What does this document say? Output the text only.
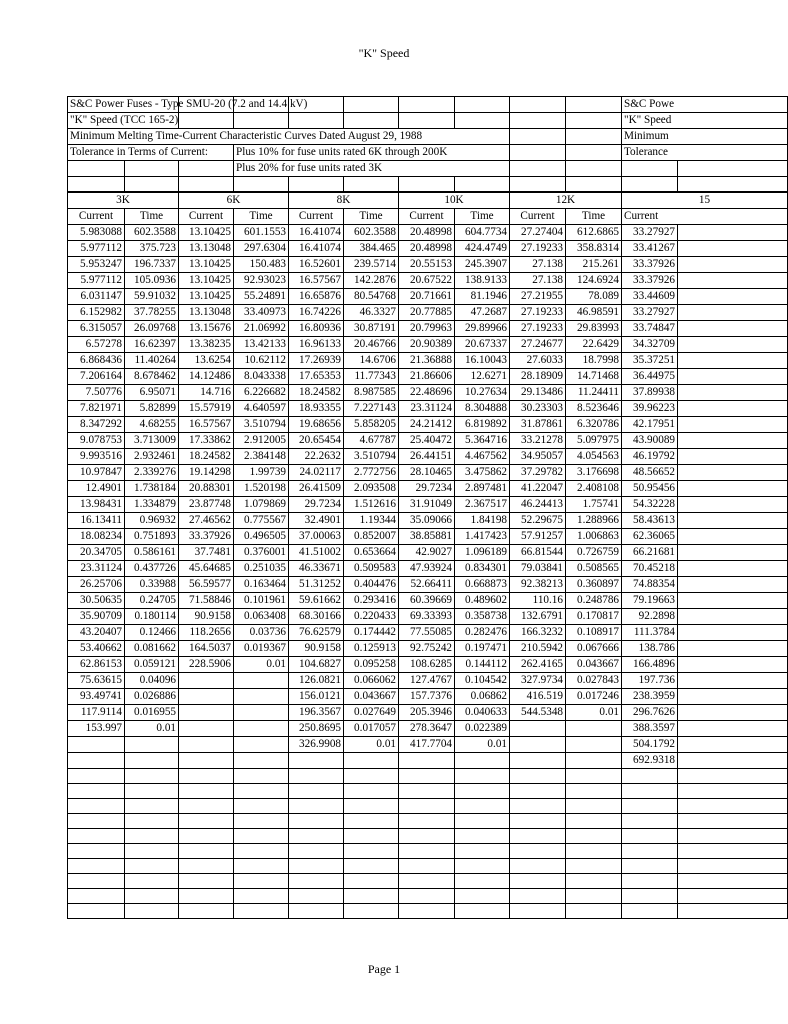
"K" Speed
S&C Power Fuses - Type SMU-20 (7.2 and 14.4 kV)										S&C Powe	
"K" Speed (TCC 165-2)										"K" Speed	
Minimum Melting Time-Current Characteristic Curves Dated August 29, 1988										Minimum	
Tolerance in Terms of Current:			Plus 10% for fuse units rated 6K through 200K							Tolerance	
			Plus 20% for fuse units rated 3K								

3K		6K		8K		10K		12K		15	
Current	Time	Current	Time	Current	Time	Current	Time	Current	Time	Current	
5.983088	602.3588	13.10425	601.1553	16.41074	602.3588	20.48998	604.7734	27.27404	612.6865	33.27927	
5.977112	375.723	13.13048	297.6304	16.41074	384.465	20.48998	424.4749	27.19233	358.8314	33.41267	
5.953247	196.7337	13.10425	150.483	16.52601	239.5714	20.55153	245.3907	27.138	215.261	33.37926	
5.977112	105.0936	13.10425	92.93023	16.57567	142.2876	20.67522	138.9133	27.138	124.6924	33.37926	
6.031147	59.91032	13.10425	55.24891	16.65876	80.54768	20.71661	81.1946	27.21955	78.089	33.44609	
6.152982	37.78255	13.13048	33.40973	16.74226	46.3327	20.77885	47.2687	27.19233	46.98591	33.27927	
6.315057	26.09768	13.15676	21.06992	16.80936	30.87191	20.79963	29.89966	27.19233	29.83993	33.74847	
6.57278	16.62397	13.38235	13.42133	16.96133	20.46766	20.90389	20.67337	27.24677	22.6429	34.32709	
6.868436	11.40264	13.6254	10.62112	17.26939	14.6706	21.36888	16.10043	27.6033	18.7998	35.37251	
7.206164	8.678462	14.12486	8.043338	17.65353	11.77343	21.86606	12.6271	28.18909	14.71468	36.44975	
7.50776	6.95071	14.716	6.226682	18.24582	8.987585	22.48696	10.27634	29.13486	11.24411	37.89938	
7.821971	5.82899	15.57919	4.640597	18.93355	7.227143	23.31124	8.304888	30.23303	8.523646	39.96223	
8.347292	4.68255	16.57567	3.510794	19.68656	5.858205	24.21412	6.819892	31.87861	6.320786	42.17951	
9.078753	3.713009	17.33862	2.912005	20.65454	4.67787	25.40472	5.364716	33.21278	5.097975	43.90089	
9.993516	2.932461	18.24582	2.384148	22.2632	3.510794	26.44151	4.467562	34.95057	4.054563	46.19792	
10.97847	2.339276	19.14298	1.99739	24.02117	2.772756	28.10465	3.475862	37.29782	3.176698	48.56652	
12.4901	1.738184	20.88301	1.520198	26.41509	2.093508	29.7234	2.897481	41.22047	2.408108	50.95456	
13.98431	1.334879	23.87748	1.079869	29.7234	1.512616	31.91049	2.367517	46.24413	1.75741	54.32228	
16.13411	0.96932	27.46562	0.775567	32.4901	1.19344	35.09066	1.84198	52.29675	1.288966	58.43613	
18.08234	0.751893	33.37926	0.496505	37.00063	0.852007	38.85881	1.417423	57.91257	1.006863	62.36065	
20.34705	0.586161	37.7481	0.376001	41.51002	0.653664	42.9027	1.096189	66.81544	0.726759	66.21681	
23.31124	0.437726	45.64685	0.251035	46.33671	0.509583	47.93924	0.834301	79.03841	0.508565	70.45218	
26.25706	0.33988	56.59577	0.163464	51.31252	0.404476	52.66411	0.668873	92.38213	0.360897	74.88354	
30.50635	0.24705	71.58846	0.101961	59.61662	0.293416	60.39669	0.489602	110.16	0.248786	79.19663	
35.90709	0.180114	90.9158	0.063408	68.30166	0.220433	69.33393	0.358738	132.6791	0.170817	92.2898	
43.20407	0.12466	118.2656	0.03736	76.62579	0.174442	77.55085	0.282476	166.3232	0.108917	111.3784	
53.40662	0.081662	164.5037	0.019367	90.9158	0.125913	92.75242	0.197471	210.5942	0.067666	138.786	
62.86153	0.059121	228.5906	0.01	104.6827	0.095258	108.6285	0.144112	262.4165	0.043667	166.4896	
75.63615	0.04096			126.0821	0.066062	127.4767	0.104542	327.9734	0.027843	197.736	
93.49741	0.026886			156.0121	0.043667	157.7376	0.06862	416.519	0.017246	238.3959	
117.9114	0.016955			196.3567	0.027649	205.3946	0.040633	544.5348	0.01	296.7626	
153.997	0.01			250.8695	0.017057	278.3647	0.022389			388.3597	
				326.9908	0.01	417.7704	0.01			504.1792	
										692.9318	

Page 1
